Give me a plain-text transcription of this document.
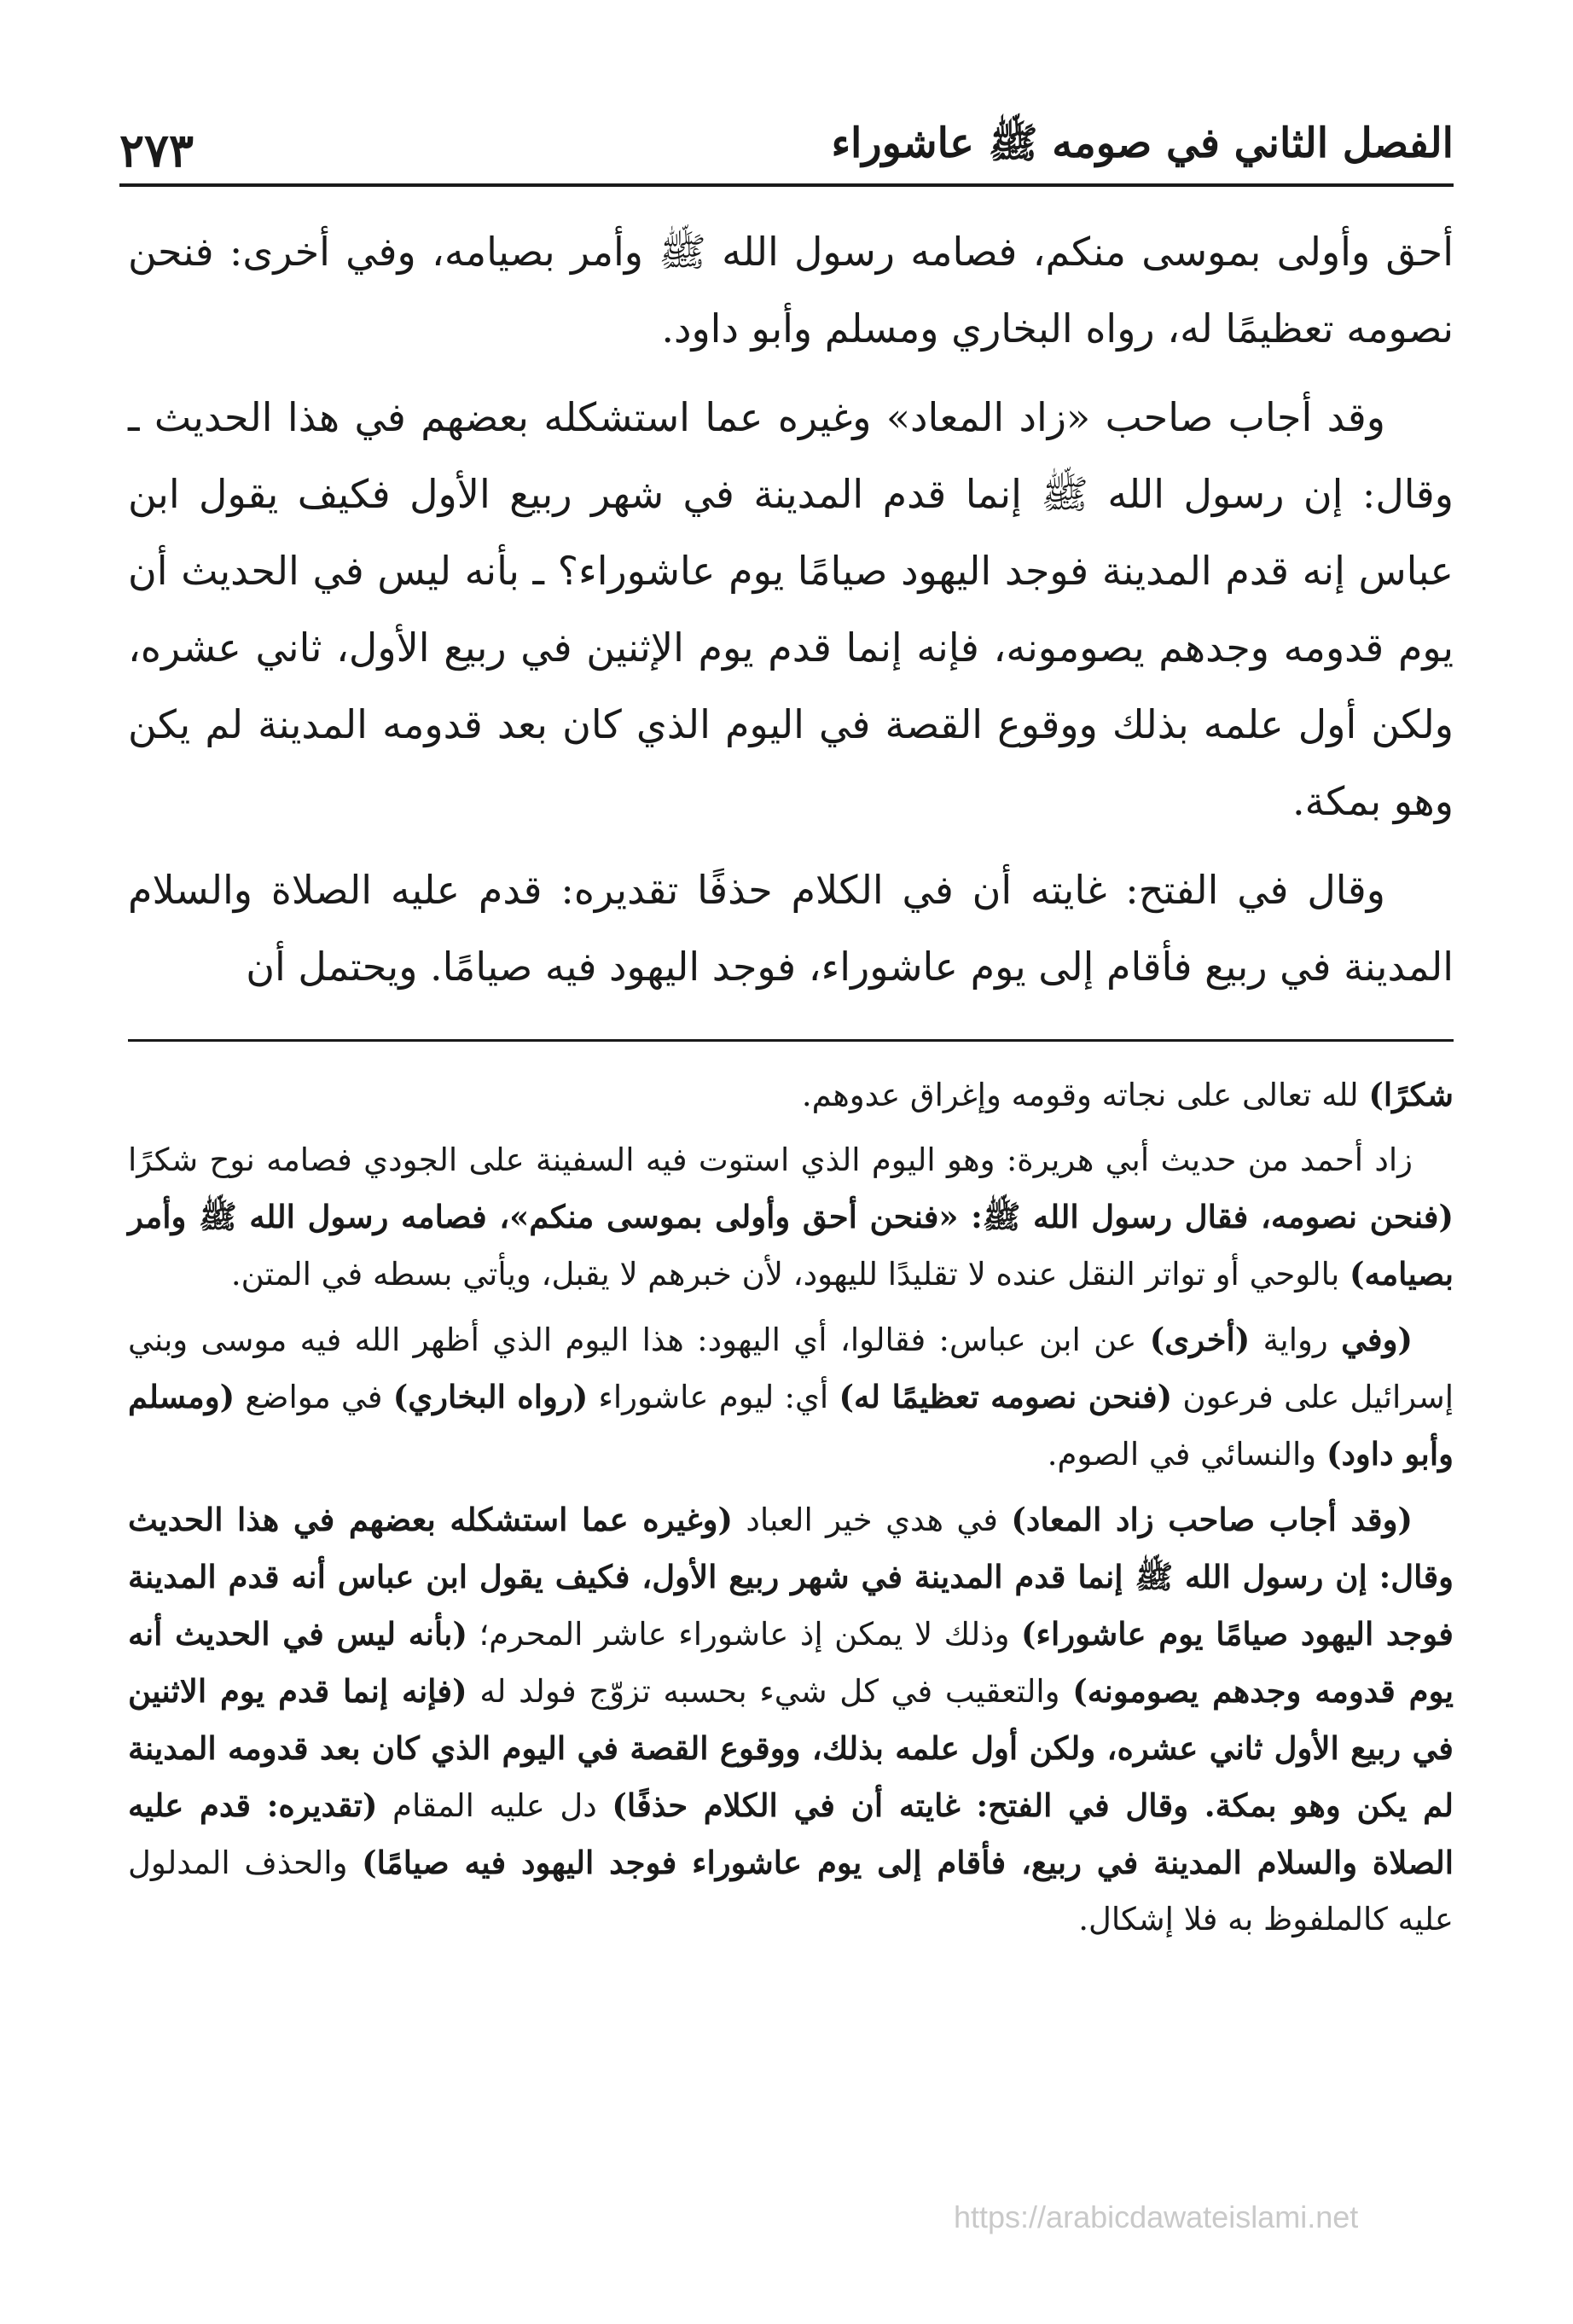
الفصل الثاني في صومه ﷺ عاشوراء
٢٧٣

أحق وأولى بموسى منكم، فصامه رسول الله ﷺ وأمر بصيامه، وفي أخرى: فنحن نصومه تعظيمًا له، رواه البخاري ومسلم وأبو داود.

وقد أجاب صاحب «زاد المعاد» وغيره عما استشكله بعضهم في هذا الحديث ـ وقال: إن رسول الله ﷺ إنما قدم المدينة في شهر ربيع الأول فكيف يقول ابن عباس إنه قدم المدينة فوجد اليهود صيامًا يوم عاشوراء؟ ـ بأنه ليس في الحديث أن يوم قدومه وجدهم يصومونه، فإنه إنما قدم يوم الإثنين في ربيع الأول، ثاني عشره، ولكن أول علمه بذلك ووقوع القصة في اليوم الذي كان بعد قدومه المدينة لم يكن وهو بمكة.

وقال في الفتح: غايته أن في الكلام حذفًا تقديره: قدم عليه الصلاة والسلام المدينة في ربيع فأقام إلى يوم عاشوراء، فوجد اليهود فيه صيامًا. ويحتمل أن

شكرًا) لله تعالى على نجاته وقومه وإغراق عدوهم.

زاد أحمد من حديث أبي هريرة: وهو اليوم الذي استوت فيه السفينة على الجودي فصامه نوح شكرًا (فنحن نصومه، فقال رسول الله ﷺ: «فنحن أحق وأولى بموسى منكم»، فصامه رسول الله ﷺ وأمر بصيامه) بالوحي أو تواتر النقل عنده لا تقليدًا لليهود، لأن خبرهم لا يقبل، ويأتي بسطه في المتن.

(وفي رواية (أخرى) عن ابن عباس: فقالوا، أي اليهود: هذا اليوم الذي أظهر الله فيه موسى وبني إسرائيل على فرعون (فنحن نصومه تعظيمًا له) أي: ليوم عاشوراء (رواه البخاري) في مواضع (ومسلم وأبو داود) والنسائي في الصوم.

(وقد أجاب صاحب زاد المعاد) في هدي خير العباد (وغيره عما استشكله بعضهم في هذا الحديث وقال: إن رسول الله ﷺ إنما قدم المدينة في شهر ربيع الأول، فكيف يقول ابن عباس أنه قدم المدينة فوجد اليهود صيامًا يوم عاشوراء) وذلك لا يمكن إذ عاشوراء عاشر المحرم؛ (بأنه ليس في الحديث أنه يوم قدومه وجدهم يصومونه) والتعقيب في كل شيء بحسبه تزوّج فولد له (فإنه إنما قدم يوم الاثنين في ربيع الأول ثاني عشره، ولكن أول علمه بذلك، ووقوع القصة في اليوم الذي كان بعد قدومه المدينة لم يكن وهو بمكة. وقال في الفتح: غايته أن في الكلام حذفًا) دل عليه المقام (تقديره: قدم عليه الصلاة والسلام المدينة في ربيع، فأقام إلى يوم عاشوراء فوجد اليهود فيه صيامًا) والحذف المدلول عليه كالملفوظ به فلا إشكال.

https://arabicdawateislami.net
